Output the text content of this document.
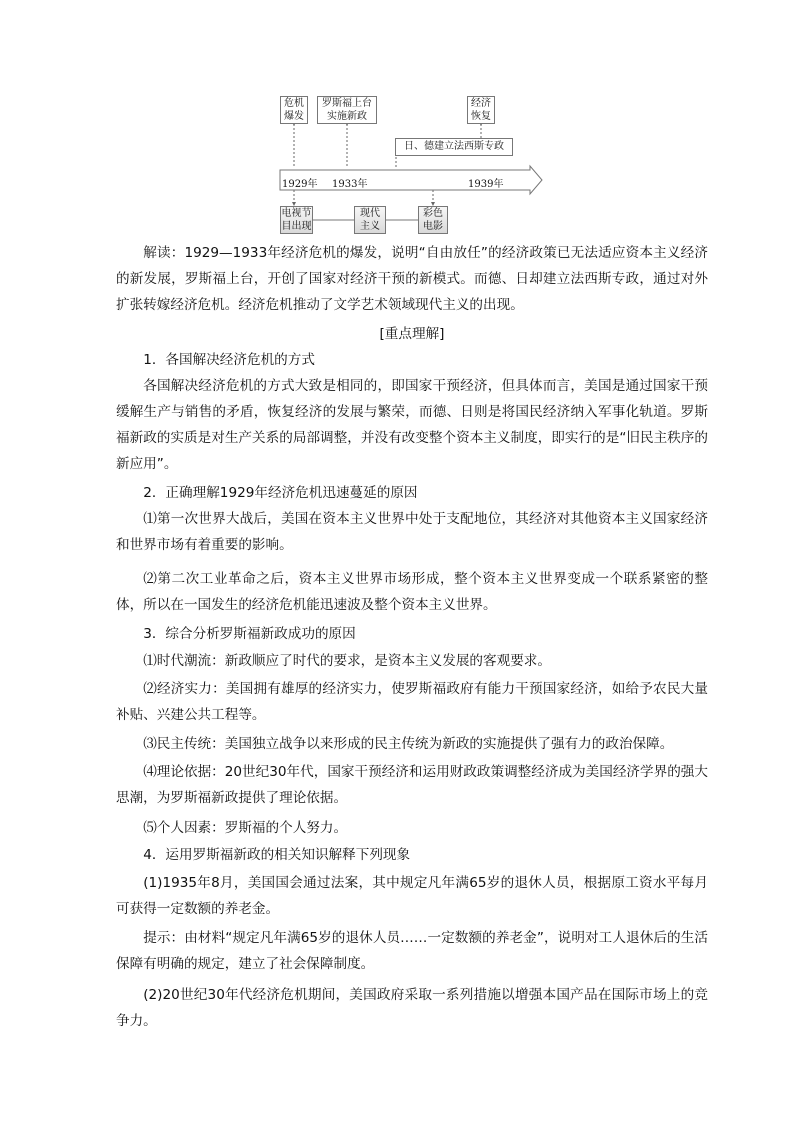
危机
爆发
罗斯福上台
实施新政
经济
恢复
日、德建立法西斯专政
1929年 1933年	1939年
电视节
目出现
现代
主义
彩色
电影

解读：1929—1933年经济危机的爆发，说明“自由放任”的经济政策已无法适应资本主义经济的新发展，罗斯福上台，开创了国家对经济干预的新模式。而德、日却建立法西斯专政，通过对外扩张转嫁经济危机。经济危机推动了文学艺术领域现代主义的出现。

[重点理解]

1．各国解决经济危机的方式

各国解决经济危机的方式大致是相同的，即国家干预经济，但具体而言，美国是通过国家干预缓解生产与销售的矛盾，恢复经济的发展与繁荣，而德、日则是将国民经济纳入军事化轨道。罗斯福新政的实质是对生产关系的局部调整，并没有改变整个资本主义制度，即实行的是“旧民主秩序的新应用”。

2．正确理解1929年经济危机迅速蔓延的原因

⑴第一次世界大战后，美国在资本主义世界中处于支配地位，其经济对其他资本主义国家经济和世界市场有着重要的影响。

⑵第二次工业革命之后，资本主义世界市场形成，整个资本主义世界变成一个联系紧密的整体，所以在一国发生的经济危机能迅速波及整个资本主义世界。

3．综合分析罗斯福新政成功的原因

⑴时代潮流：新政顺应了时代的要求，是资本主义发展的客观要求。

⑵经济实力：美国拥有雄厚的经济实力，使罗斯福政府有能力干预国家经济，如给予农民大量补贴、兴建公共工程等。

⑶民主传统：美国独立战争以来形成的民主传统为新政的实施提供了强有力的政治保障。

⑷理论依据：20世纪30年代，国家干预经济和运用财政政策调整经济成为美国经济学界的强大思潮，为罗斯福新政提供了理论依据。

⑸个人因素：罗斯福的个人努力。

4．运用罗斯福新政的相关知识解释下列现象

(1)1935年8月，美国国会通过法案，其中规定凡年满65岁的退休人员，根据原工资水平每月可获得一定数额的养老金。

提示：由材料“规定凡年满65岁的退休人员……一定数额的养老金”，说明对工人退休后的生活保障有明确的规定，建立了社会保障制度。

(2)20世纪30年代经济危机期间，美国政府采取一系列措施以增强本国产品在国际市场上的竞争力。
